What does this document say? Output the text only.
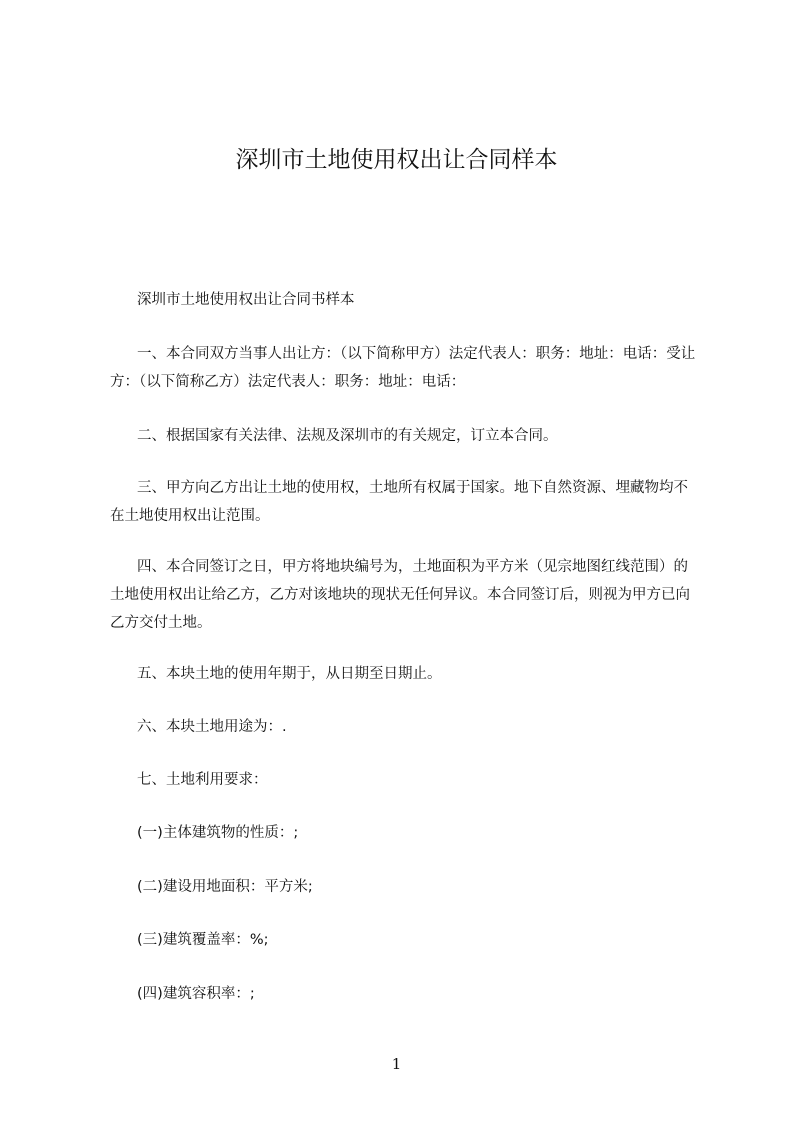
深圳市土地使用权出让合同样本

深圳市土地使用权出让合同书样本

一、本合同双方当事人出让方：（以下简称甲方）法定代表人：职务：地址：电话：受让方：（以下简称乙方）法定代表人：职务：地址：电话：

二、根据国家有关法律、法规及深圳市的有关规定，订立本合同。

三、甲方向乙方出让土地的使用权，土地所有权属于国家。地下自然资源、埋藏物均不在土地使用权出让范围。

四、本合同签订之日，甲方将地块编号为，土地面积为平方米（见宗地图红线范围）的土地使用权出让给乙方，乙方对该地块的现状无任何异议。本合同签订后，则视为甲方已向乙方交付土地。

五、本块土地的使用年期于，从日期至日期止。

六、本块土地用途为：.

七、土地利用要求：

(一)主体建筑物的性质：;

(二)建设用地面积：平方米;

(三)建筑覆盖率：%;

(四)建筑容积率：;

1
